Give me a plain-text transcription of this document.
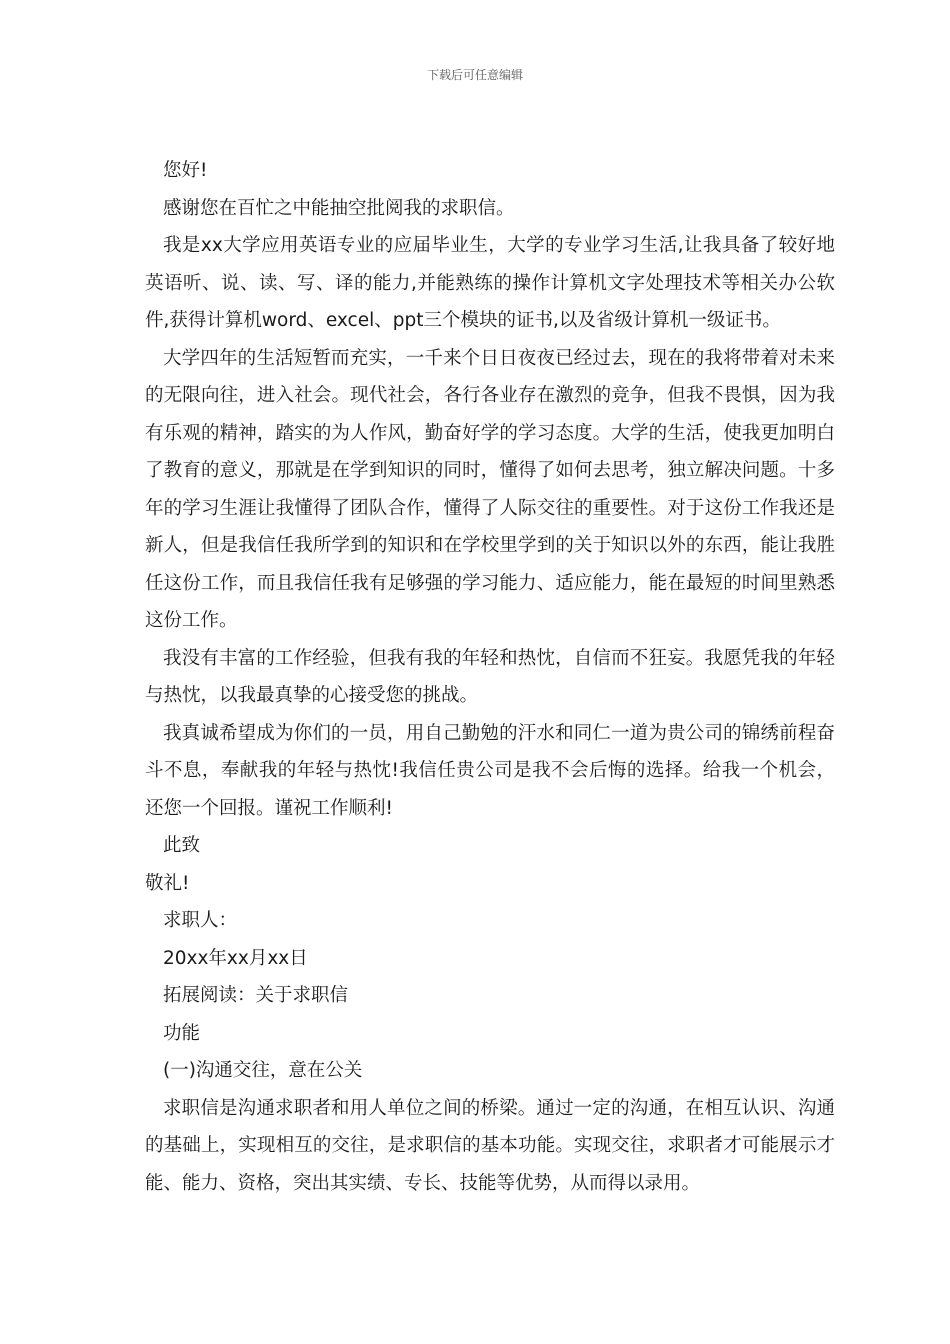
下载后可任意编辑

您好!

感谢您在百忙之中能抽空批阅我的求职信。

我是xx大学应用英语专业的应届毕业生，大学的专业学习生活,让我具备了较好地英语听、说、读、写、译的能力,并能熟练的操作计算机文字处理技术等相关办公软件,获得计算机word、excel、ppt三个模块的证书,以及省级计算机一级证书。

大学四年的生活短暂而充实，一千来个日日夜夜已经过去，现在的我将带着对未来的无限向往，进入社会。现代社会，各行各业存在激烈的竞争，但我不畏惧，因为我有乐观的精神，踏实的为人作风，勤奋好学的学习态度。大学的生活，使我更加明白了教育的意义，那就是在学到知识的同时，懂得了如何去思考，独立解决问题。十多年的学习生涯让我懂得了团队合作，懂得了人际交往的重要性。对于这份工作我还是新人，但是我信任我所学到的知识和在学校里学到的关于知识以外的东西，能让我胜任这份工作，而且我信任我有足够强的学习能力、适应能力，能在最短的时间里熟悉这份工作。

我没有丰富的工作经验，但我有我的年轻和热忱，自信而不狂妄。我愿凭我的年轻与热忱，以我最真挚的心接受您的挑战。

我真诚希望成为你们的一员，用自己勤勉的汗水和同仁一道为贵公司的锦绣前程奋斗不息，奉献我的年轻与热忱!我信任贵公司是我不会后悔的选择。给我一个机会，还您一个回报。谨祝工作顺利!

此致

敬礼!

求职人：

20xx年xx月xx日

拓展阅读：关于求职信

功能

(一)沟通交往，意在公关

求职信是沟通求职者和用人单位之间的桥梁。通过一定的沟通，在相互认识、沟通的基础上，实现相互的交往，是求职信的基本功能。实现交往，求职者才可能展示才能、能力、资格，突出其实绩、专长、技能等优势，从而得以录用。
